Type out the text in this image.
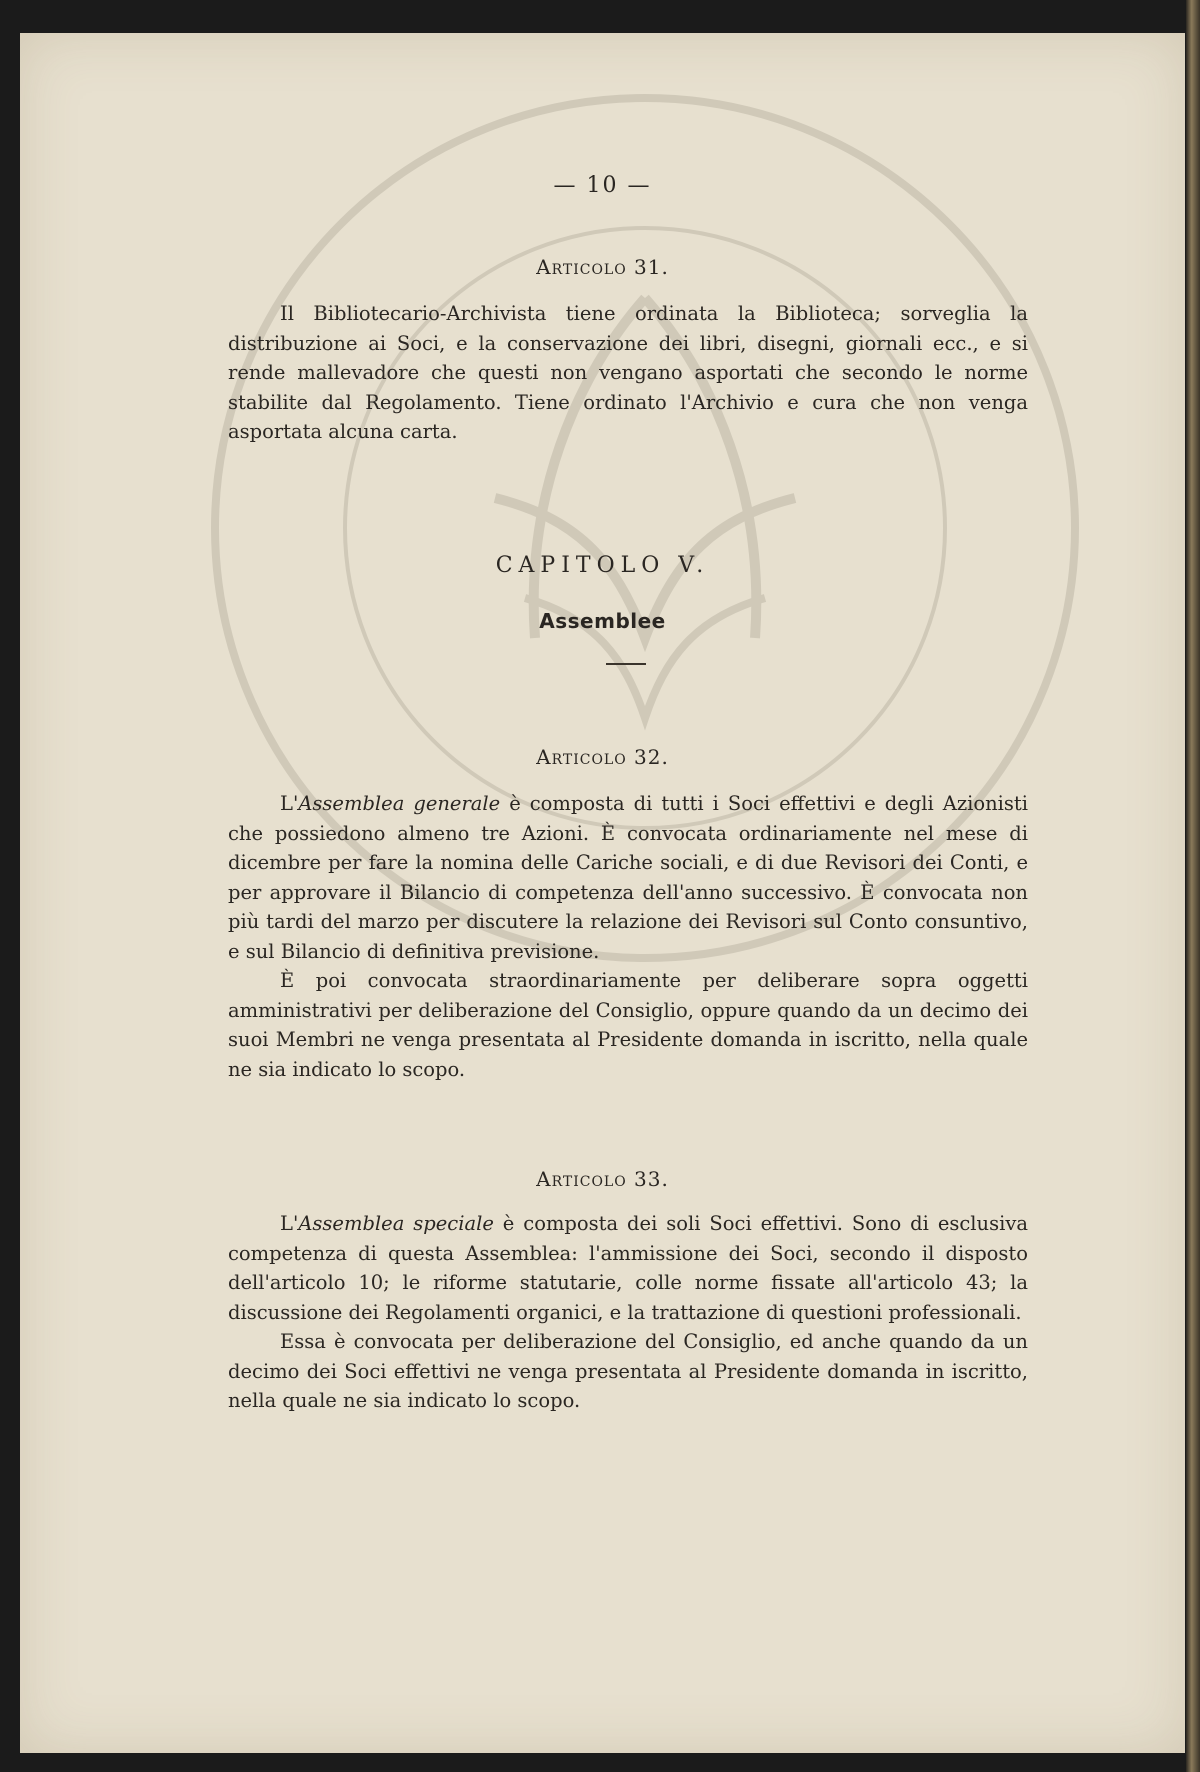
— 10 —
Articolo 31.

Il Bibliotecario-Archivista tiene ordinata la Biblioteca; sorveglia la distribuzione ai Soci, e la conservazione dei libri, disegni, giornali ecc., e si rende mallevadore che questi non vengano asportati che secondo le norme stabilite dal Regolamento. Tiene ordinato l'Archivio e cura che non venga asportata alcuna carta.

CAPITOLO V.
Assemblee
Articolo 32.

L'Assemblea generale è composta di tutti i Soci effettivi e degli Azionisti che possiedono almeno tre Azioni. È convocata ordinariamente nel mese di dicembre per fare la nomina delle Cariche sociali, e di due Revisori dei Conti, e per approvare il Bilancio di competenza dell'anno successivo. È convocata non più tardi del marzo per discutere la relazione dei Revisori sul Conto consuntivo, e sul Bilancio di definitiva previsione.

È poi convocata straordinariamente per deliberare sopra oggetti amministrativi per deliberazione del Consiglio, oppure quando da un decimo dei suoi Membri ne venga presentata al Presidente domanda in iscritto, nella quale ne sia indicato lo scopo.

Articolo 33.

L'Assemblea speciale è composta dei soli Soci effettivi. Sono di esclusiva competenza di questa Assemblea: l'ammissione dei Soci, secondo il disposto dell'articolo 10; le riforme statutarie, colle norme fissate all'articolo 43; la discussione dei Regolamenti organici, e la trattazione di questioni professionali.

Essa è convocata per deliberazione del Consiglio, ed anche quando da un decimo dei Soci effettivi ne venga presentata al Presidente domanda in iscritto, nella quale ne sia indicato lo scopo.
